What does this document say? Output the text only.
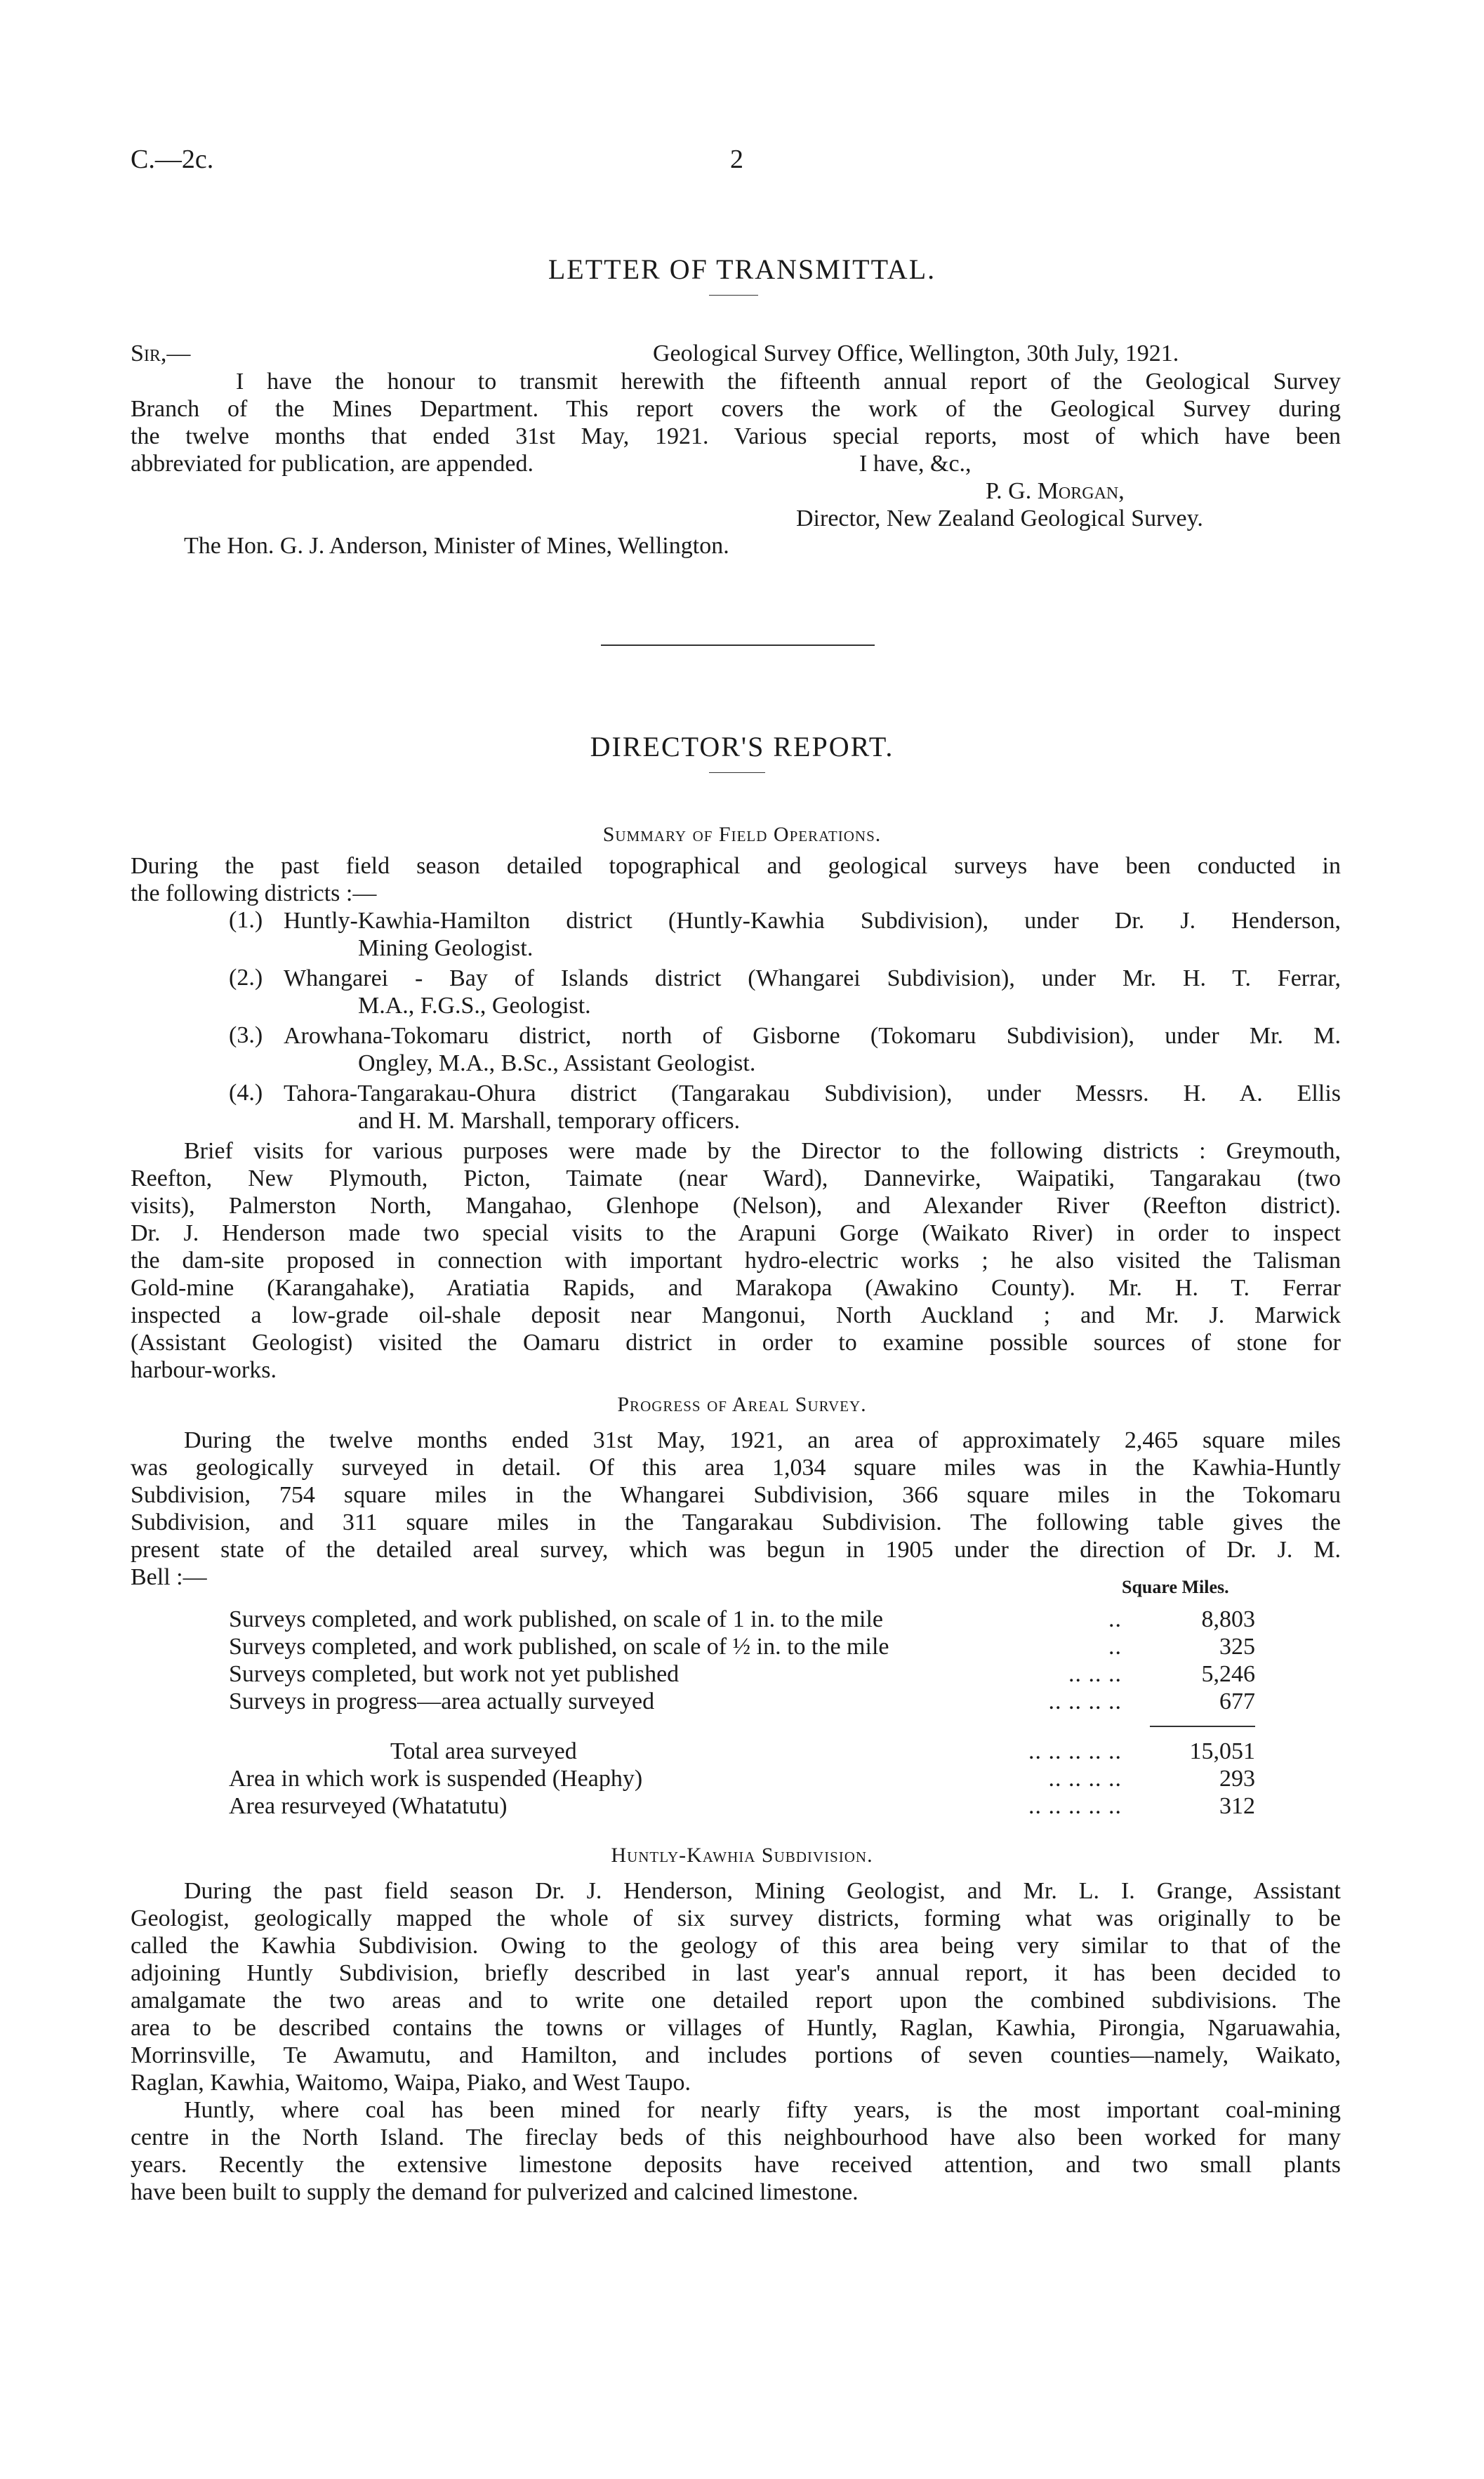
C.—2c.	2
LETTER OF TRANSMITTAL.
Sir,—	Geological Survey Office, Wellington, 30th July, 1921.
I have the honour to transmit herewith the fifteenth annual report of the Geological Survey
Branch of the Mines Department. This report covers the work of the Geological Survey during
the twelve months that ended 31st May, 1921. Various special reports, most of which have been
abbreviated for publication, are appended.	I have, &c.,
P. G. Morgan,
Director, New Zealand Geological Survey.
The Hon. G. J. Anderson, Minister of Mines, Wellington.
DIRECTOR'S REPORT.
Summary of Field Operations.
During the past field season detailed topographical and geological surveys have been conducted in
the following districts :—
(1.) Huntly-Kawhia-Hamilton district (Huntly-Kawhia Subdivision), under Dr. J. Henderson,
Mining Geologist.
(2.) Whangarei - Bay of Islands district (Whangarei Subdivision), under Mr. H. T. Ferrar,
M.A., F.G.S., Geologist.
(3.) Arowhana-Tokomaru district, north of Gisborne (Tokomaru Subdivision), under Mr. M.
Ongley, M.A., B.Sc., Assistant Geologist.
(4.) Tahora-Tangarakau-Ohura district (Tangarakau Subdivision), under Messrs. H. A. Ellis
and H. M. Marshall, temporary officers.
Brief visits for various purposes were made by the Director to the following districts : Greymouth,
Reefton, New Plymouth, Picton, Taimate (near Ward), Dannevirke, Waipatiki, Tangarakau (two
visits), Palmerston North, Mangahao, Glenhope (Nelson), and Alexander River (Reefton district).
Dr. J. Henderson made two special visits to the Arapuni Gorge (Waikato River) in order to inspect
the dam-site proposed in connection with important hydro-electric works ; he also visited the Talisman
Gold-mine (Karangahake), Aratiatia Rapids, and Marakopa (Awakino County). Mr. H. T. Ferrar
inspected a low-grade oil-shale deposit near Mangonui, North Auckland ; and Mr. J. Marwick
(Assistant Geologist) visited the Oamaru district in order to examine possible sources of stone for
harbour-works.
Progress of Areal Survey.
During the twelve months ended 31st May, 1921, an area of approximately 2,465 square miles
was geologically surveyed in detail. Of this area 1,034 square miles was in the Kawhia-Huntly
Subdivision, 754 square miles in the Whangarei Subdivision, 366 square miles in the Tokomaru
Subdivision, and 311 square miles in the Tangarakau Subdivision. The following table gives the
present state of the detailed areal survey, which was begun in 1905 under the direction of Dr. J. M.
Bell :—	Square Miles.
Surveys completed, and work published, on scale of 1 in. to the mile	..	8,803
Surveys completed, and work published, on scale of ½ in. to the mile	..	325
Surveys completed, but work not yet published	.. .. ..	5,246
Surveys in progress—area actually surveyed	.. .. .. ..	677
Total area surveyed	.. .. .. .. ..	15,051
Area in which work is suspended (Heaphy)	.. .. .. ..	293
Area resurveyed (Whatatutu)	.. .. .. .. ..	312
Huntly-Kawhia Subdivision.
During the past field season Dr. J. Henderson, Mining Geologist, and Mr. L. I. Grange, Assistant
Geologist, geologically mapped the whole of six survey districts, forming what was originally to be
called the Kawhia Subdivision. Owing to the geology of this area being very similar to that of the
adjoining Huntly Subdivision, briefly described in last year's annual report, it has been decided to
amalgamate the two areas and to write one detailed report upon the combined subdivisions. The
area to be described contains the towns or villages of Huntly, Raglan, Kawhia, Pirongia, Ngaruawahia,
Morrinsville, Te Awamutu, and Hamilton, and includes portions of seven counties—namely, Waikato,
Raglan, Kawhia, Waitomo, Waipa, Piako, and West Taupo.
Huntly, where coal has been mined for nearly fifty years, is the most important coal-mining
centre in the North Island. The fireclay beds of this neighbourhood have also been worked for many
years. Recently the extensive limestone deposits have received attention, and two small plants
have been built to supply the demand for pulverized and calcined limestone.
